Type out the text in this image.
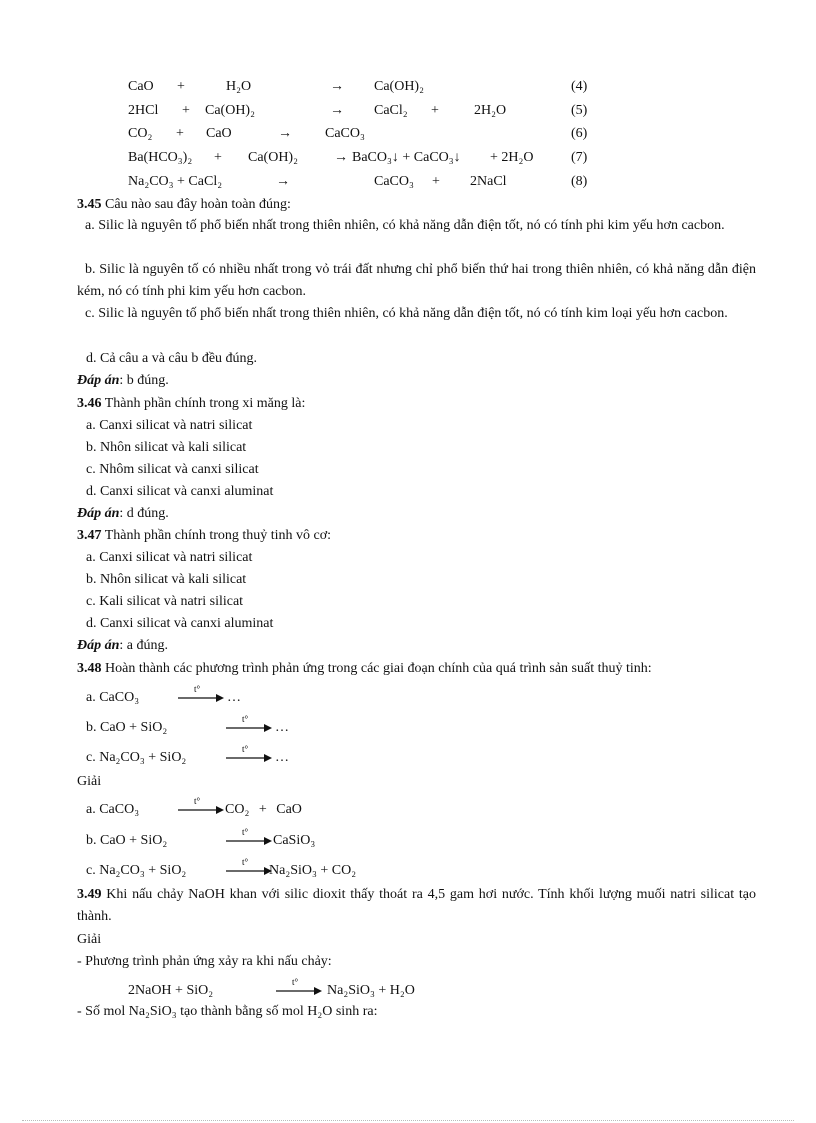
CaO +	H₂O	→ Ca(OH)₂	(4)
2HCl + Ca(OH)₂	→ CaCl₂ +	2H₂O	(5)
CO₂ + CaO	→ CaCO₃	(6)
Ba(HCO₃)₂ + Ca(OH)₂	→ BaCO₃↓ + CaCO₃↓ + 2H₂O	(7)
Na₂CO₃ + CaCl₂	→	CaCO₃ + 2NaCl	(8)
3.45 Câu nào sau đây hoàn toàn đúng:
a. Silic là nguyên tố phổ biến nhất trong thiên nhiên, có khả năng dẫn điện tốt, nó có tính phi kim yếu hơn cacbon.
b. Silic là nguyên tố có nhiều nhất trong vỏ trái đất nhưng chỉ phổ biến thứ hai trong thiên nhiên, có khả năng dẫn điện kém, nó có tính phi kim yếu hơn cacbon.
c. Silic là nguyên tố phổ biến nhất trong thiên nhiên, có khả năng dẫn điện tốt, nó có tính kim loại yếu hơn cacbon.
d. Cả câu a và câu b đều đúng.
Đáp án: b đúng.
3.46 Thành phần chính trong xi măng là:
a. Canxi silicat và natri silicat
b. Nhôn silicat và kali silicat
c. Nhôm silicat và canxi silicat
d. Canxi silicat và canxi aluminat
Đáp án: d đúng.
3.47 Thành phần chính trong thuỷ tinh vô cơ:
a. Canxi silicat và natri silicat
b. Nhôn silicat và kali silicat
c. Kali silicat và natri silicat
d. Canxi silicat và canxi aluminat
Đáp án: a đúng.
3.48 Hoàn thành các phương trình phản ứng trong các giai đoạn chính của quá trình sản suất thuỷ tinh:
a. CaCO₃
t°
…
b. CaO + SiO₂
t°
…
c. Na₂CO₃ + SiO₂
t°
…
Giải
a. CaCO₃
t°
CO₂ + CaO
b. CaO + SiO₂
t°
CaSiO₃
c. Na₂CO₃ + SiO₂
t°
Na₂SiO₃ + CO₂
3.49 Khi nấu chảy NaOH khan với silic dioxit thấy thoát ra 4,5 gam hơi nước. Tính khối lượng muối natri silicat tạo thành.
Giải
- Phương trình phản ứng xảy ra khi nấu chảy:
2NaOH + SiO₂
t°
Na₂SiO₃ + H₂O
- Số mol Na₂SiO₃ tạo thành bằng số mol H₂O sinh ra:
